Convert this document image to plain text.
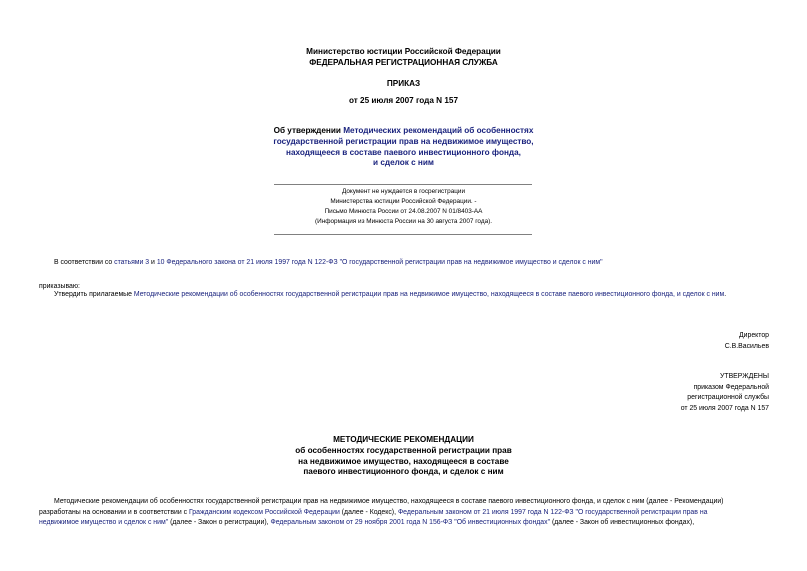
Министерство юстиции Российской Федерации
ФЕДЕРАЛЬНАЯ РЕГИСТРАЦИОННАЯ СЛУЖБА
ПРИКАЗ
от 25 июля 2007 года N 157
Об утверждении Методических рекомендаций об особенностях
государственной регистрации прав на недвижимое имущество,
находящееся в составе паевого инвестиционного фонда,
и сделок с ним
Документ не нуждается в госрегистрации
Министерства юстиции Российской Федерации. -
Письмо Минюста России от 24.08.2007 N 01/8403-АА
(Информация из Минюста России на 30 августа 2007 года).
В соответствии со статьями 3 и 10 Федерального закона от 21 июля 1997 года N 122-ФЗ "О государственной регистрации прав на недвижимое имущество и сделок с ним"
приказываю:
Утвердить прилагаемые Методические рекомендации об особенностях государственной регистрации прав на недвижимое имущество, находящееся в составе паевого инвестиционного фонда, и сделок с ним.
Директор
С.В.Васильев
УТВЕРЖДЕНЫ
приказом Федеральной
регистрационной службы
от 25 июля 2007 года N 157
МЕТОДИЧЕСКИЕ РЕКОМЕНДАЦИИ
об особенностях государственной регистрации прав
на недвижимое имущество, находящееся в составе
паевого инвестиционного фонда, и сделок с ним
Методические рекомендации об особенностях государственной регистрации прав на недвижимое имущество, находящееся в составе паевого инвестиционного фонда, и сделок с ним (далее - Рекомендации)
разработаны на основании и в соответствии с Гражданским кодексом Российской Федерации (далее - Кодекс), Федеральным законом от 21 июля 1997 года N 122-ФЗ "О государственной регистрации прав на
недвижимое имущество и сделок с ним" (далее - Закон о регистрации), Федеральным законом от 29 ноября 2001 года N 156-ФЗ "Об инвестиционных фондах" (далее - Закон об инвестиционных фондах),
